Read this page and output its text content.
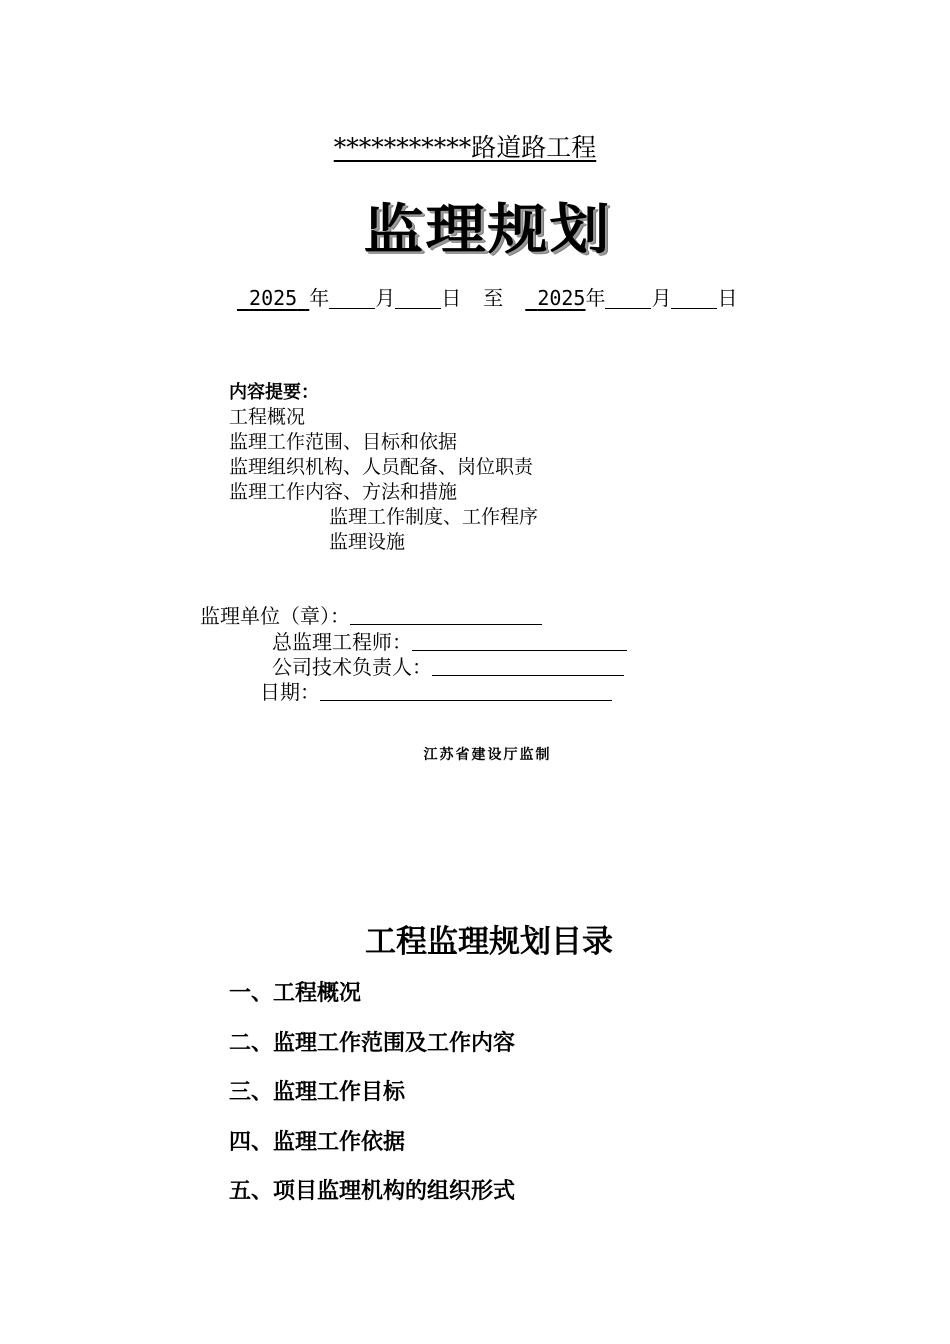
***********路道路工程
监理规划
2025 年 月 日 至 2025年 月 日
内容提要：
工程概况
监理工作范围、目标和依据
监理组织机构、人员配备、岗位职责
监理工作内容、方法和措施
监理工作制度、工作程序
监理设施
监理单位（章）：
总监理工程师：
公司技术负责人：
日期：
江苏省建设厅监制
工程监理规划目录
一、工程概况
二、监理工作范围及工作内容
三、监理工作目标
四、监理工作依据
五、项目监理机构的组织形式
